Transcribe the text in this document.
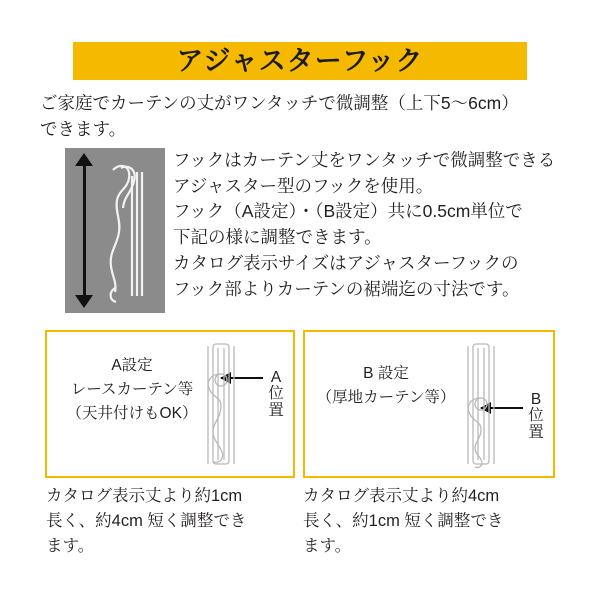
アジャスターフック
ご家庭でカーテンの丈がワンタッチで微調整（上下5～6cm）
できます。
フックはカーテン丈をワンタッチで微調整できる
アジャスター型のフックを使用。
フック（A設定）・（B設定）共に0.5cm単位で
下記の様に調整できます。
カタログ表示サイズはアジャスターフックの
フック部よりカーテンの裾端迄の寸法です。
A設定
レースカーテン等
（天井付けもOK）
A
位
置
B 設定
（厚地カーテン等）	B
位
置
カタログ表示丈より約1cm
長く、約4cm 短く調整でき
ます。
カタログ表示丈より約4cm
長く、約1cm 短く調整でき
ます。
